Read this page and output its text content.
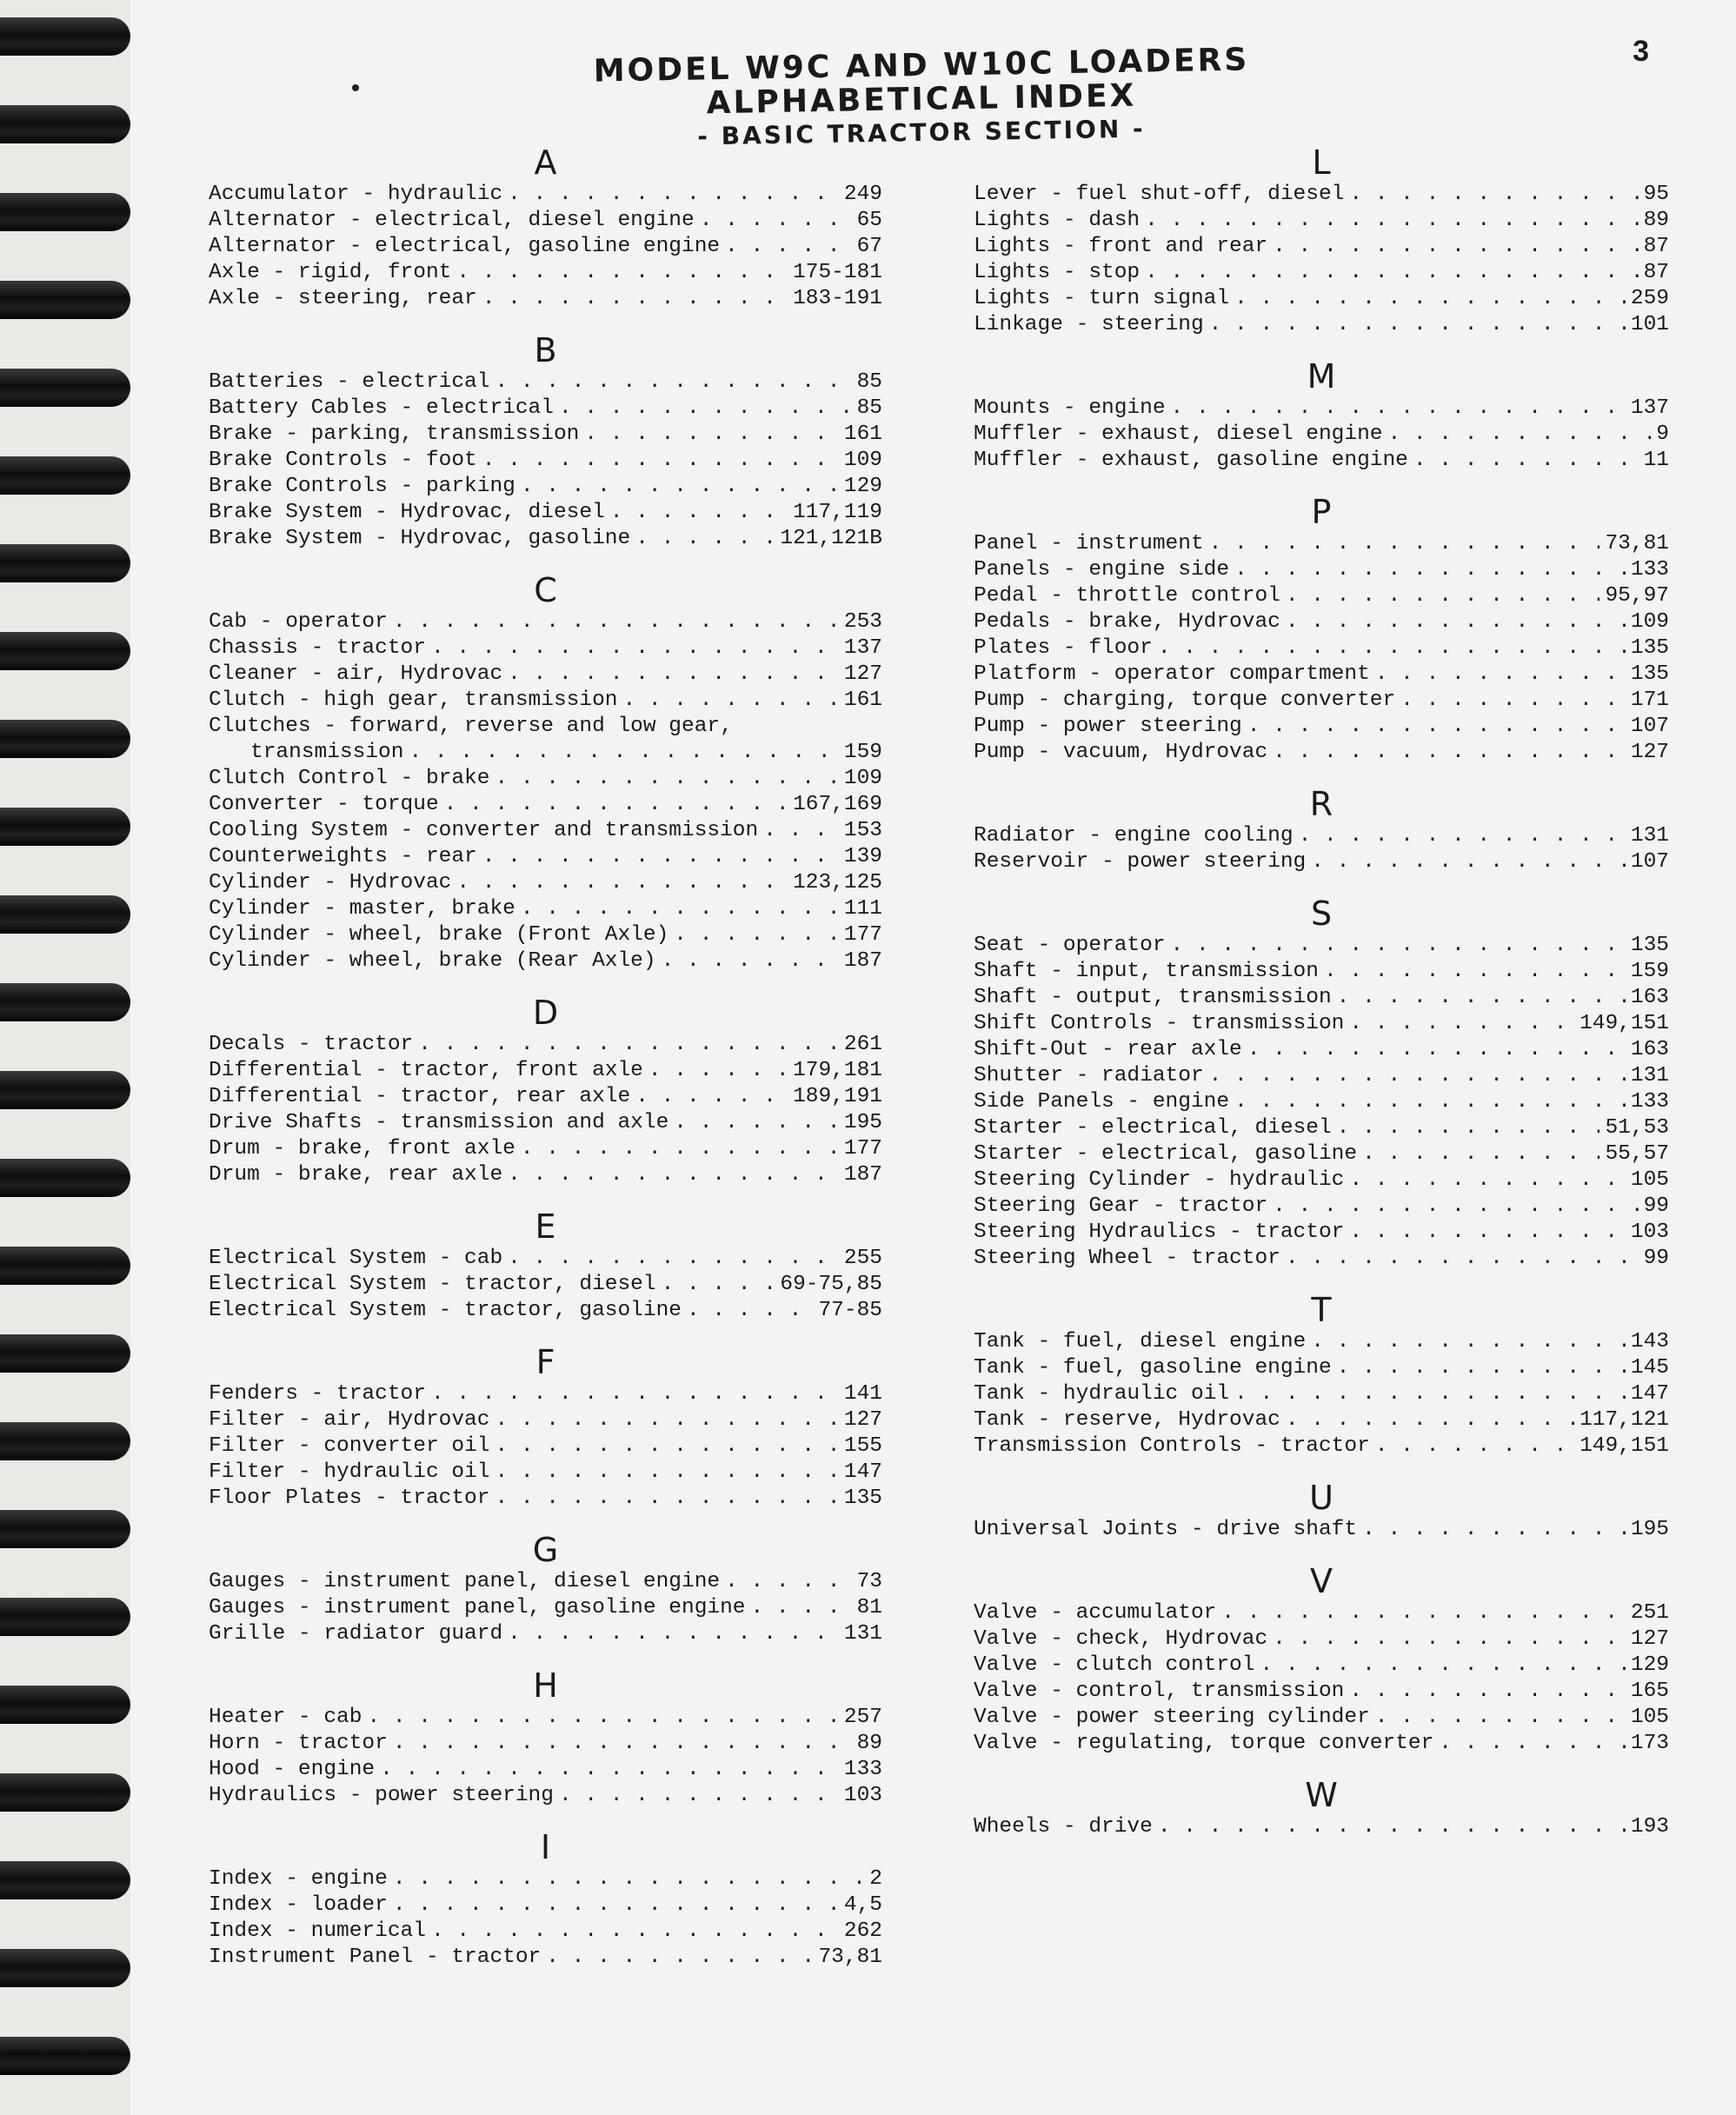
3
MODEL W9C AND W10C LOADERS
ALPHABETICAL INDEX
- BASIC TRACTOR SECTION -
A
Accumulator - hydraulic . . .	249
Alternator - electrical, diesel engine . . .	65
Alternator - electrical, gasoline engine . . .	67
Axle - rigid, front . . .	175-181
Axle - steering, rear . . .	183-191
B
Batteries - electrical . . .	85
Battery Cables - electrical . . .	85
Brake - parking, transmission . . .	161
Brake Controls - foot . . .	109
Brake Controls - parking . . .	129
Brake System - Hydrovac, diesel . . .	117,119
Brake System - Hydrovac, gasoline . . .	121,121B
C
Cab - operator . . .	253
Chassis - tractor . . .	137
Cleaner - air, Hydrovac . . .	127
Clutch - high gear, transmission . . .	161
Clutches - forward, reverse and low gear,
transmission . . .	159
Clutch Control - brake . . .	109
Converter - torque . . .	167,169
Cooling System - converter and transmission . . .	153
Counterweights - rear . . .	139
Cylinder - Hydrovac . . .	123,125
Cylinder - master, brake . . .	111
Cylinder - wheel, brake (Front Axle) . . .	177
Cylinder - wheel, brake (Rear Axle) . . .	187
D
Decals - tractor . . .	261
Differential - tractor, front axle . . .	179,181
Differential - tractor, rear axle . . .	189,191
Drive Shafts - transmission and axle . . .	195
Drum - brake, front axle . . .	177
Drum - brake, rear axle . . .	187
E
Electrical System - cab . . .	255
Electrical System - tractor, diesel . . .	69-75,85
Electrical System - tractor, gasoline . . .	77-85
F
Fenders - tractor . . .	141
Filter - air, Hydrovac . . .	127
Filter - converter oil . . .	155
Filter - hydraulic oil . . .	147
Floor Plates - tractor . . .	135
G
Gauges - instrument panel, diesel engine . . .	73
Gauges - instrument panel, gasoline engine . . .	81
Grille - radiator guard . . .	131
H
Heater - cab . . .	257
Horn - tractor . . .	89
Hood - engine . . .	133
Hydraulics - power steering . . .	103
I
Index - engine . . .	2
Index - loader . . .	4,5
Index - numerical . . .	262
Instrument Panel - tractor . . .	73,81
L
Lever - fuel shut-off, diesel . . .	95
Lights - dash . . .	89
Lights - front and rear . . .	87
Lights - stop . . .	87
Lights - turn signal . . .	259
Linkage - steering . . .	101
M
Mounts - engine . . .	137
Muffler - exhaust, diesel engine . . .	9
Muffler - exhaust, gasoline engine . . .	11
P
Panel - instrument . . .	73,81
Panels - engine side . . .	133
Pedal - throttle control . . .	95,97
Pedals - brake, Hydrovac . . .	109
Plates - floor . . .	135
Platform - operator compartment . . .	135
Pump - charging, torque converter . . .	171
Pump - power steering . . .	107
Pump - vacuum, Hydrovac . . .	127
R
Radiator - engine cooling . . .	131
Reservoir - power steering . . .	107
S
Seat - operator . . .	135
Shaft - input, transmission . . .	159
Shaft - output, transmission . . .	163
Shift Controls - transmission . . .	149,151
Shift-Out - rear axle . . .	163
Shutter - radiator . . .	131
Side Panels - engine . . .	133
Starter - electrical, diesel . . .	51,53
Starter - electrical, gasoline . . .	55,57
Steering Cylinder - hydraulic . . .	105
Steering Gear - tractor . . .	99
Steering Hydraulics - tractor . . .	103
Steering Wheel - tractor . . .	99
T
Tank - fuel, diesel engine . . .	143
Tank - fuel, gasoline engine . . .	145
Tank - hydraulic oil . . .	147
Tank - reserve, Hydrovac . . .	117,121
Transmission Controls - tractor . . .	149,151
U
Universal Joints - drive shaft . . .	195
V
Valve - accumulator . . .	251
Valve - check, Hydrovac . . .	127
Valve - clutch control . . .	129
Valve - control, transmission . . .	165
Valve - power steering cylinder . . .	105
Valve - regulating, torque converter . . .	173
W
Wheels - drive . . .	193
